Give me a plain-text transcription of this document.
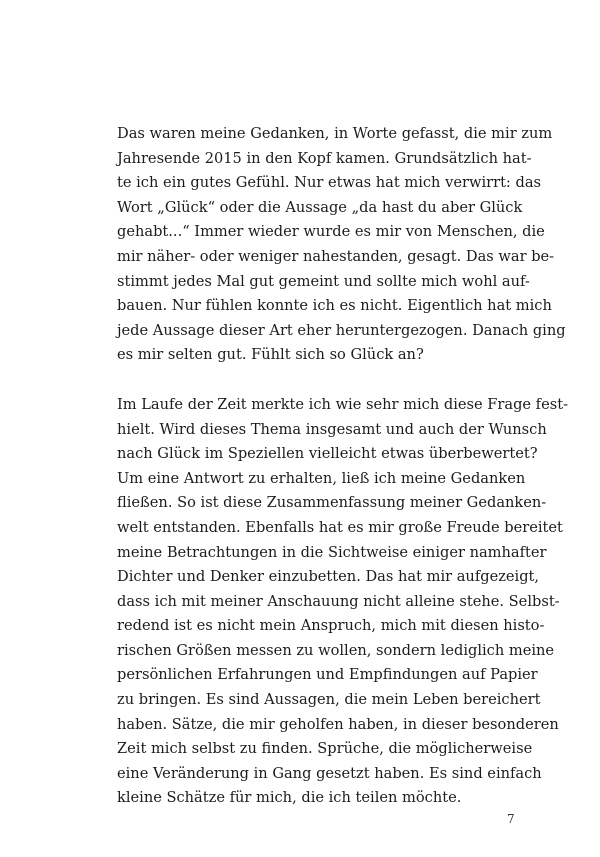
Das waren meine Gedanken, in Worte gefasst, die mir zum
Jahresende 2015 in den Kopf kamen. Grundsätzlich hat-
te ich ein gutes Gefühl. Nur etwas hat mich verwirrt: das
Wort „Glück“ oder die Aussage „da hast du aber Glück
gehabt...“ Immer wieder wurde es mir von Menschen, die
mir näher- oder weniger nahestanden, gesagt. Das war be-
stimmt jedes Mal gut gemeint und sollte mich wohl auf-
bauen. Nur fühlen konnte ich es nicht. Eigentlich hat mich
jede Aussage dieser Art eher heruntergezogen. Danach ging
es mir selten gut. Fühlt sich so Glück an?

Im Laufe der Zeit merkte ich wie sehr mich diese Frage fest-
hielt. Wird dieses Thema insgesamt und auch der Wunsch
nach Glück im Speziellen vielleicht etwas überbewertet?
Um eine Antwort zu erhalten, ließ ich meine Gedanken
fließen. So ist diese Zusammenfassung meiner Gedanken-
welt entstanden. Ebenfalls hat es mir große Freude bereitet
meine Betrachtungen in die Sichtweise einiger namhafter
Dichter und Denker einzubetten. Das hat mir aufgezeigt,
dass ich mit meiner Anschauung nicht alleine stehe. Selbst-
redend ist es nicht mein Anspruch, mich mit diesen histo-
rischen Größen messen zu wollen, sondern lediglich meine
persönlichen Erfahrungen und Empfindungen auf Papier
zu bringen. Es sind Aussagen, die mein Leben bereichert
haben. Sätze, die mir geholfen haben, in dieser besonderen
Zeit mich selbst zu finden. Sprüche, die möglicherweise
eine Veränderung in Gang gesetzt haben. Es sind einfach
kleine Schätze für mich, die ich teilen möchte.

7
